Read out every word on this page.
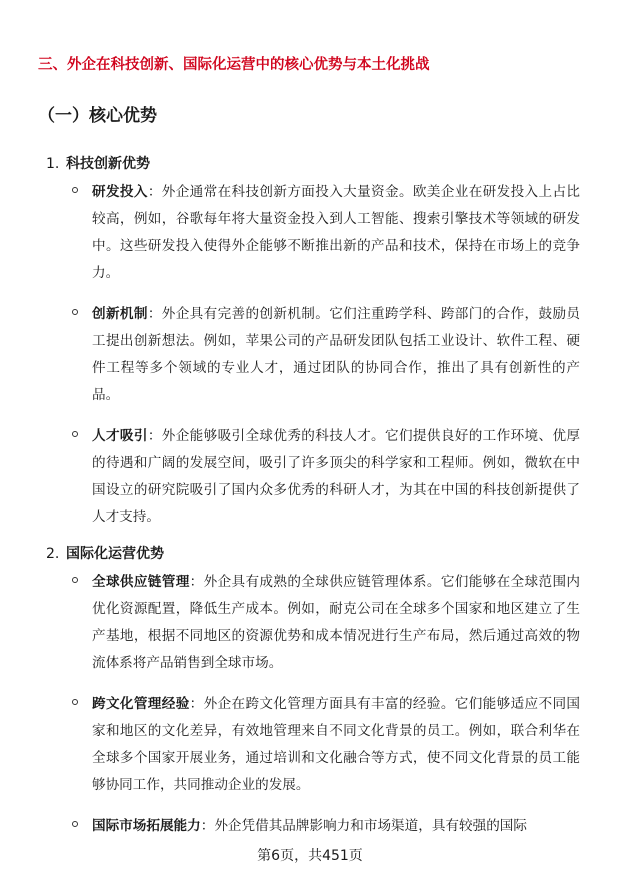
三、外企在科技创新、国际化运营中的核心优势与本土化挑战
（一）核心优势
1. 科技创新优势
研发投入：外企通常在科技创新方面投入大量资金。欧美企业在研发投入上占比较高，例如，谷歌每年将大量资金投入到人工智能、搜索引擎技术等领域的研发中。这些研发投入使得外企能够不断推出新的产品和技术，保持在市场上的竞争力。
创新机制：外企具有完善的创新机制。它们注重跨学科、跨部门的合作，鼓励员工提出创新想法。例如，苹果公司的产品研发团队包括工业设计、软件工程、硬件工程等多个领域的专业人才，通过团队的协同合作，推出了具有创新性的产品。
人才吸引：外企能够吸引全球优秀的科技人才。它们提供良好的工作环境、优厚的待遇和广阔的发展空间，吸引了许多顶尖的科学家和工程师。例如，微软在中国设立的研究院吸引了国内众多优秀的科研人才，为其在中国的科技创新提供了人才支持。
2. 国际化运营优势
全球供应链管理：外企具有成熟的全球供应链管理体系。它们能够在全球范围内优化资源配置，降低生产成本。例如，耐克公司在全球多个国家和地区建立了生产基地，根据不同地区的资源优势和成本情况进行生产布局，然后通过高效的物流体系将产品销售到全球市场。
跨文化管理经验：外企在跨文化管理方面具有丰富的经验。它们能够适应不同国家和地区的文化差异，有效地管理来自不同文化背景的员工。例如，联合利华在全球多个国家开展业务，通过培训和文化融合等方式，使不同文化背景的员工能够协同工作，共同推动企业的发展。
国际市场拓展能力：外企凭借其品牌影响力和市场渠道，具有较强的国际
第6页，共451页
